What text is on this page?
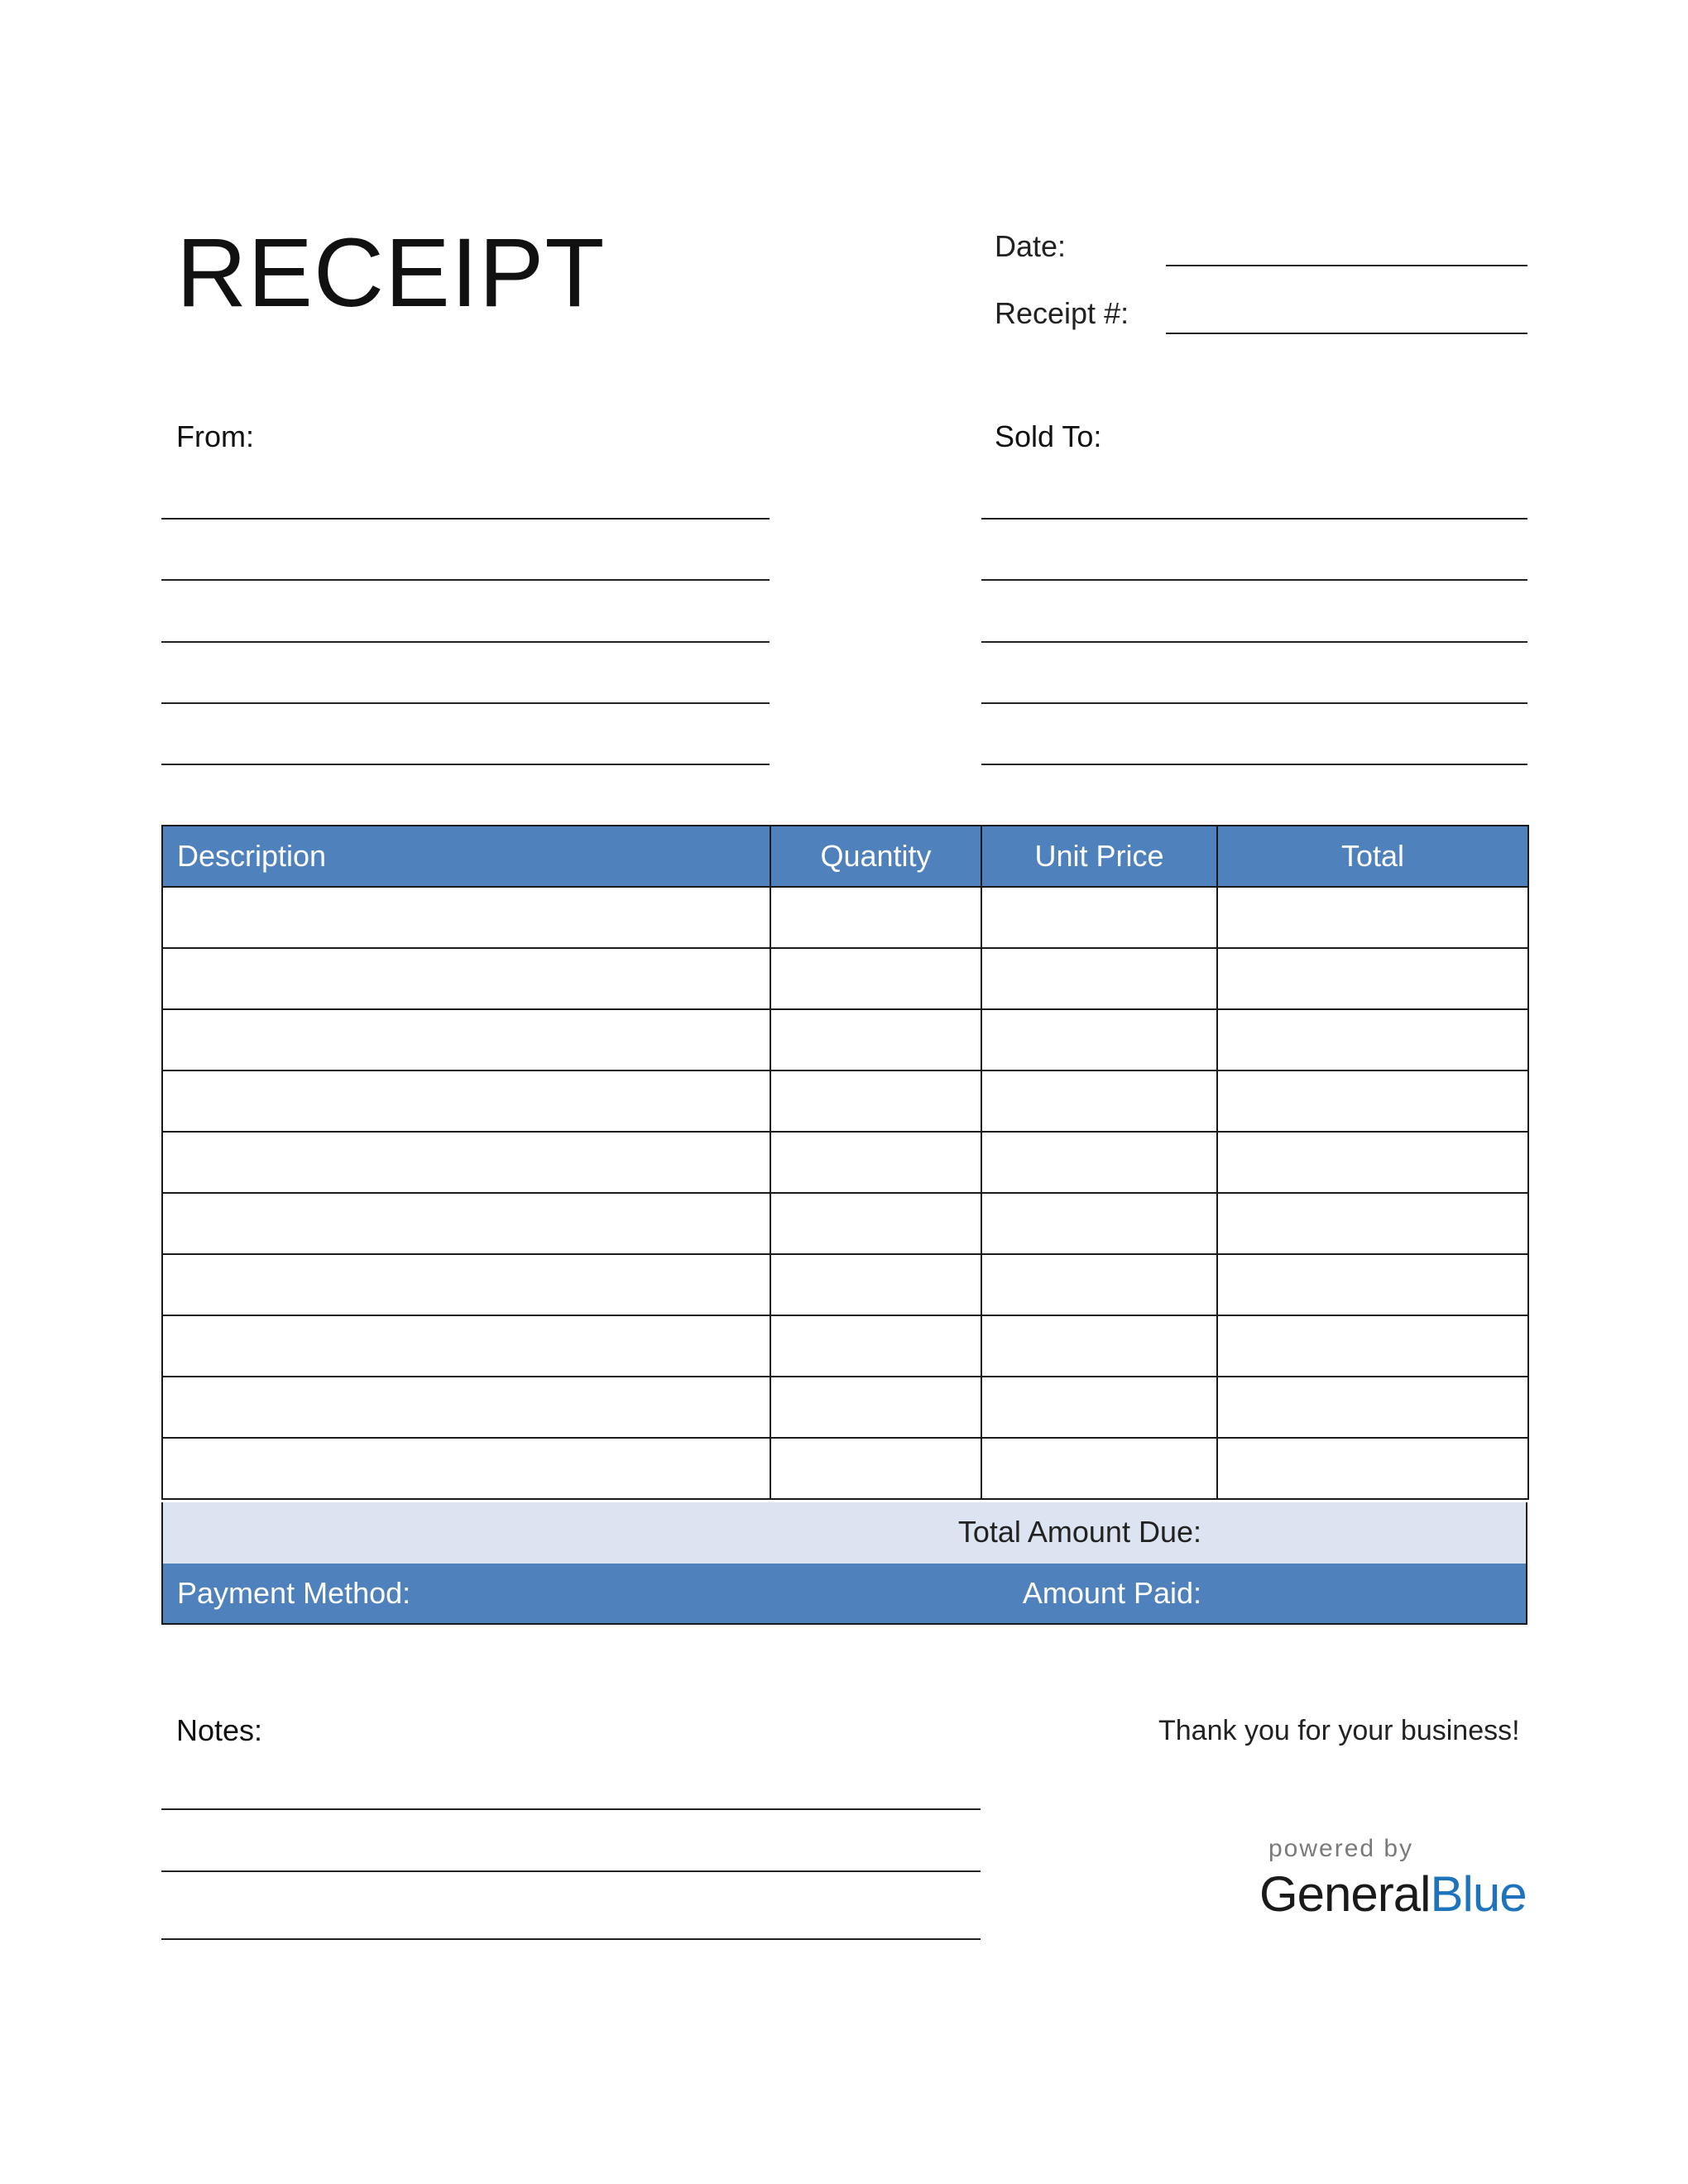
RECEIPT	Date:
Receipt #:
From:	Sold To:
Description	Quantity	Unit Price	Total

Total Amount Due:
Payment Method:	Amount Paid:
Notes:	Thank you for your business!
powered by
GeneralBlue
